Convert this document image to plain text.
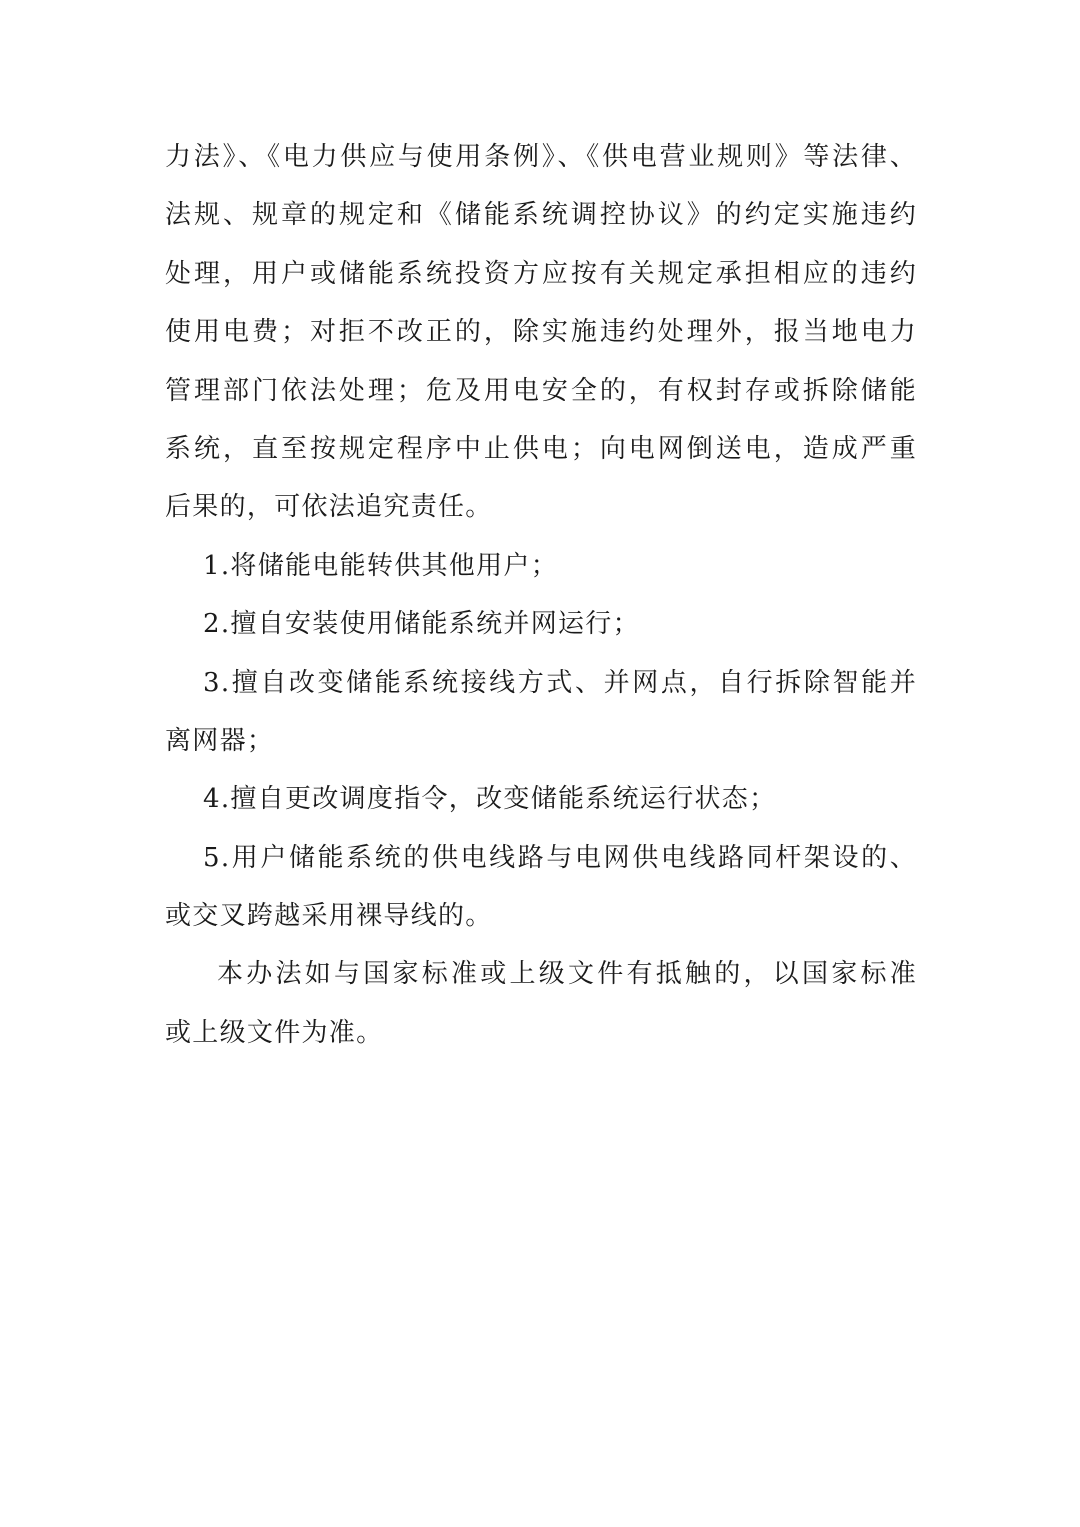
力法》、《电力供应与使用条例》、《供电营业规则》等法律、
法规、规章的规定和《储能系统调控协议》的约定实施违约
处理，用户或储能系统投资方应按有关规定承担相应的违约
使用电费；对拒不改正的，除实施违约处理外，报当地电力
管理部门依法处理；危及用电安全的，有权封存或拆除储能
系统，直至按规定程序中止供电；向电网倒送电，造成严重
后果的，可依法追究责任。
1.将储能电能转供其他用户；
2.擅自安装使用储能系统并网运行；
3.擅自改变储能系统接线方式、并网点，自行拆除智能并
离网器；
4.擅自更改调度指令，改变储能系统运行状态；
5.用户储能系统的供电线路与电网供电线路同杆架设的、
或交叉跨越采用裸导线的。
本办法如与国家标准或上级文件有抵触的，以国家标准
或上级文件为准。
